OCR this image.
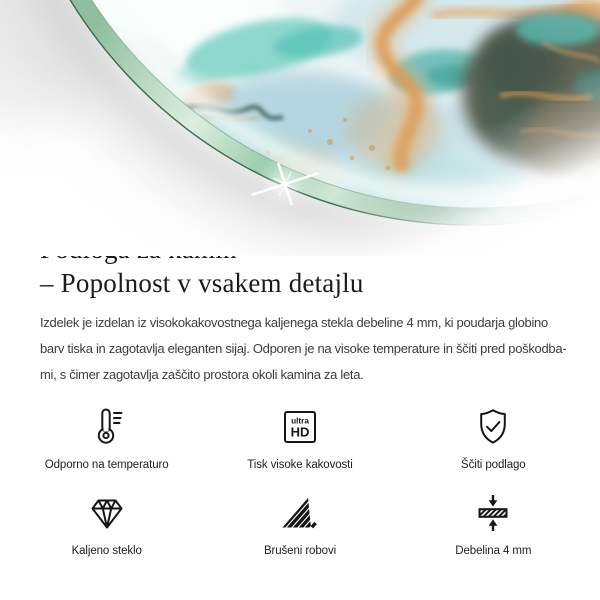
– Popolnost v vsakem detajlu

Izdelek je izdelan iz visokokakovostnega kaljenega stekla debeline 4 mm, ki poudarja globino
barv tiska in zagotavlja eleganten sijaj. Odporen je na visoke temperature in ščiti pred poškodba-
mi, s čimer zagotavlja zaščito prostora okoli kamina za leta.

Odporno na temperaturo
ultra
HD
Tisk visoke kakovosti	Ščiti podlago
Kaljeno steklo	Brušeni robovi	Debelina 4 mm
